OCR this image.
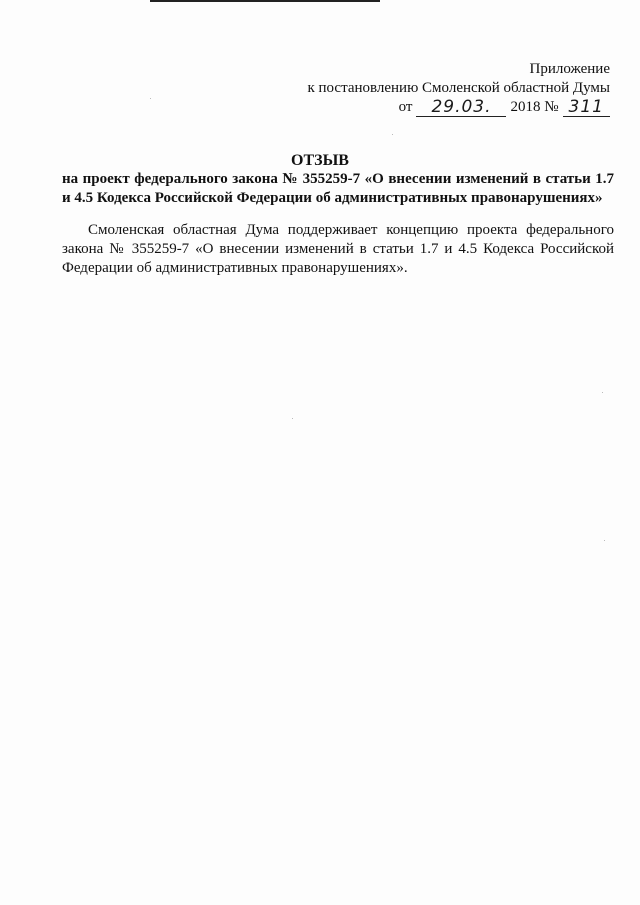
Приложение
к постановлению Смоленской областной Думы
от	29.03.	2018 № 311
ОТЗЫВ
на проект федерального закона № 355259-7 «О внесении изменений в статьи 1.7 и 4.5 Кодекса Российской Федерации об административных правонарушениях»
Смоленская областная Дума поддерживает концепцию проекта федерального закона № 355259-7 «О внесении изменений в статьи 1.7 и 4.5 Кодекса Российской Федерации об административных правонарушениях».
